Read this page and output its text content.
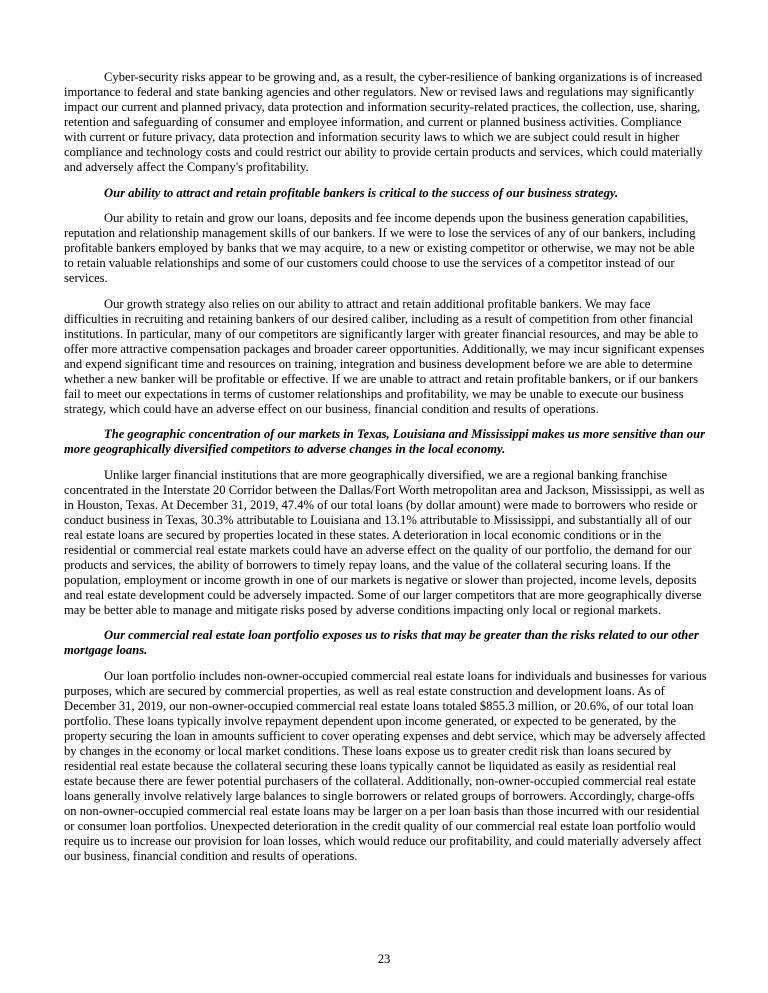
Cyber-security risks appear to be growing and, as a result, the cyber-resilience of banking organizations is of increased importance to federal and state banking agencies and other regulators. New or revised laws and regulations may significantly impact our current and planned privacy, data protection and information security-related practices, the collection, use, sharing, retention and safeguarding of consumer and employee information, and current or planned business activities. Compliance with current or future privacy, data protection and information security laws to which we are subject could result in higher compliance and technology costs and could restrict our ability to provide certain products and services, which could materially and adversely affect the Company's profitability.

Our ability to attract and retain profitable bankers is critical to the success of our business strategy.

Our ability to retain and grow our loans, deposits and fee income depends upon the business generation capabilities, reputation and relationship management skills of our bankers. If we were to lose the services of any of our bankers, including profitable bankers employed by banks that we may acquire, to a new or existing competitor or otherwise, we may not be able to retain valuable relationships and some of our customers could choose to use the services of a competitor instead of our services.

Our growth strategy also relies on our ability to attract and retain additional profitable bankers. We may face difficulties in recruiting and retaining bankers of our desired caliber, including as a result of competition from other financial institutions. In particular, many of our competitors are significantly larger with greater financial resources, and may be able to offer more attractive compensation packages and broader career opportunities. Additionally, we may incur significant expenses and expend significant time and resources on training, integration and business development before we are able to determine whether a new banker will be profitable or effective. If we are unable to attract and retain profitable bankers, or if our bankers fail to meet our expectations in terms of customer relationships and profitability, we may be unable to execute our business strategy, which could have an adverse effect on our business, financial condition and results of operations.

The geographic concentration of our markets in Texas, Louisiana and Mississippi makes us more sensitive than our more geographically diversified competitors to adverse changes in the local economy.

Unlike larger financial institutions that are more geographically diversified, we are a regional banking franchise concentrated in the Interstate 20 Corridor between the Dallas/Fort Worth metropolitan area and Jackson, Mississippi, as well as in Houston, Texas. At December 31, 2019, 47.4% of our total loans (by dollar amount) were made to borrowers who reside or conduct business in Texas, 30.3% attributable to Louisiana and 13.1% attributable to Mississippi, and substantially all of our real estate loans are secured by properties located in these states. A deterioration in local economic conditions or in the residential or commercial real estate markets could have an adverse effect on the quality of our portfolio, the demand for our products and services, the ability of borrowers to timely repay loans, and the value of the collateral securing loans. If the population, employment or income growth in one of our markets is negative or slower than projected, income levels, deposits and real estate development could be adversely impacted. Some of our larger competitors that are more geographically diverse may be better able to manage and mitigate risks posed by adverse conditions impacting only local or regional markets.

Our commercial real estate loan portfolio exposes us to risks that may be greater than the risks related to our other mortgage loans.

Our loan portfolio includes non-owner-occupied commercial real estate loans for individuals and businesses for various purposes, which are secured by commercial properties, as well as real estate construction and development loans. As of December 31, 2019, our non-owner-occupied commercial real estate loans totaled $855.3 million, or 20.6%, of our total loan portfolio. These loans typically involve repayment dependent upon income generated, or expected to be generated, by the property securing the loan in amounts sufficient to cover operating expenses and debt service, which may be adversely affected by changes in the economy or local market conditions. These loans expose us to greater credit risk than loans secured by residential real estate because the collateral securing these loans typically cannot be liquidated as easily as residential real estate because there are fewer potential purchasers of the collateral. Additionally, non-owner-occupied commercial real estate loans generally involve relatively large balances to single borrowers or related groups of borrowers. Accordingly, charge-offs on non-owner-occupied commercial real estate loans may be larger on a per loan basis than those incurred with our residential or consumer loan portfolios. Unexpected deterioration in the credit quality of our commercial real estate loan portfolio would require us to increase our provision for loan losses, which would reduce our profitability, and could materially adversely affect our business, financial condition and results of operations.

23
